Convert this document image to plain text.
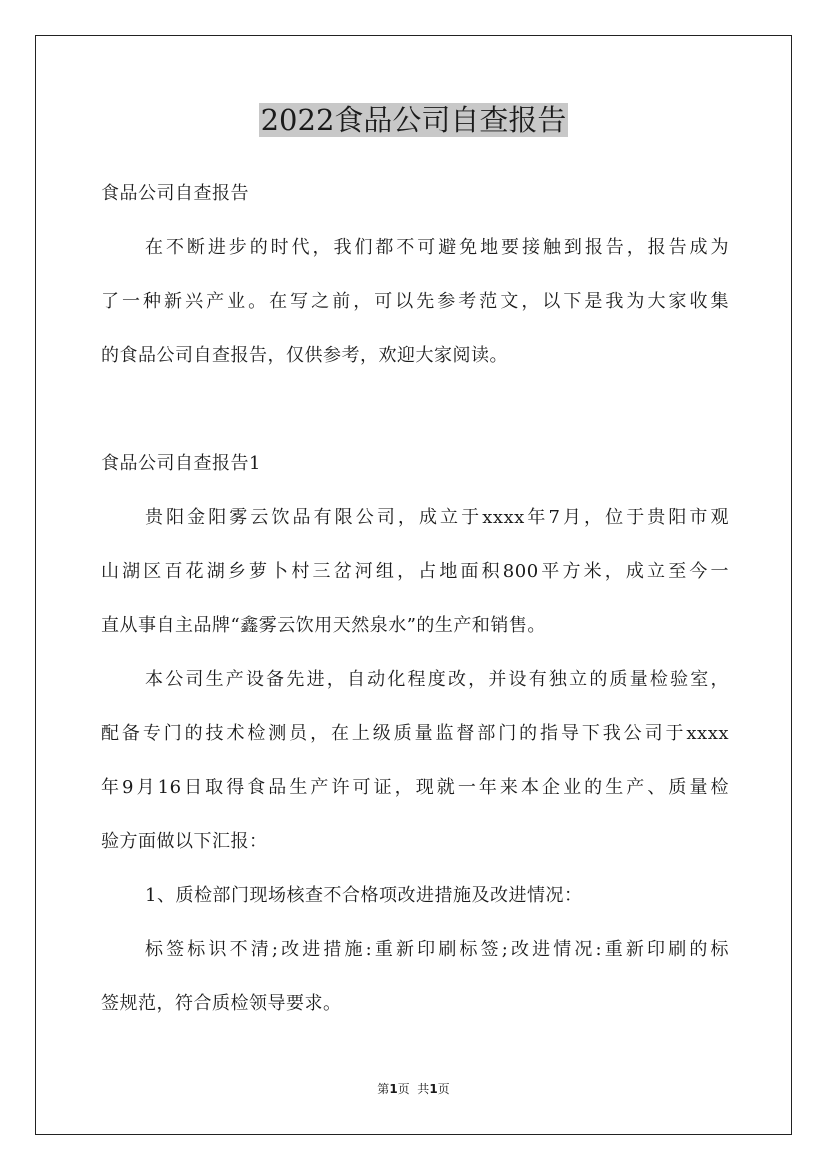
2022食品公司自查报告
食品公司自查报告
在不断进步的时代，我们都不可避免地要接触到报告，报告成为
了一种新兴产业。在写之前，可以先参考范文，以下是我为大家收集
的食品公司自查报告，仅供参考，欢迎大家阅读。
食品公司自查报告1
贵阳金阳雾云饮品有限公司，成立于xxxx年7月，位于贵阳市观
山湖区百花湖乡萝卜村三岔河组，占地面积800平方米，成立至今一
直从事自主品牌“鑫雾云饮用天然泉水”的生产和销售。
本公司生产设备先进，自动化程度改，并设有独立的质量检验室，
配备专门的技术检测员，在上级质量监督部门的指导下我公司于xxxx
年9月16日取得食品生产许可证，现就一年来本企业的生产、质量检
验方面做以下汇报：
1、质检部门现场核查不合格项改进措施及改进情况：
标签标识不清;改进措施:重新印刷标签;改进情况:重新印刷的标
签规范，符合质检领导要求。
第1页  共1页
